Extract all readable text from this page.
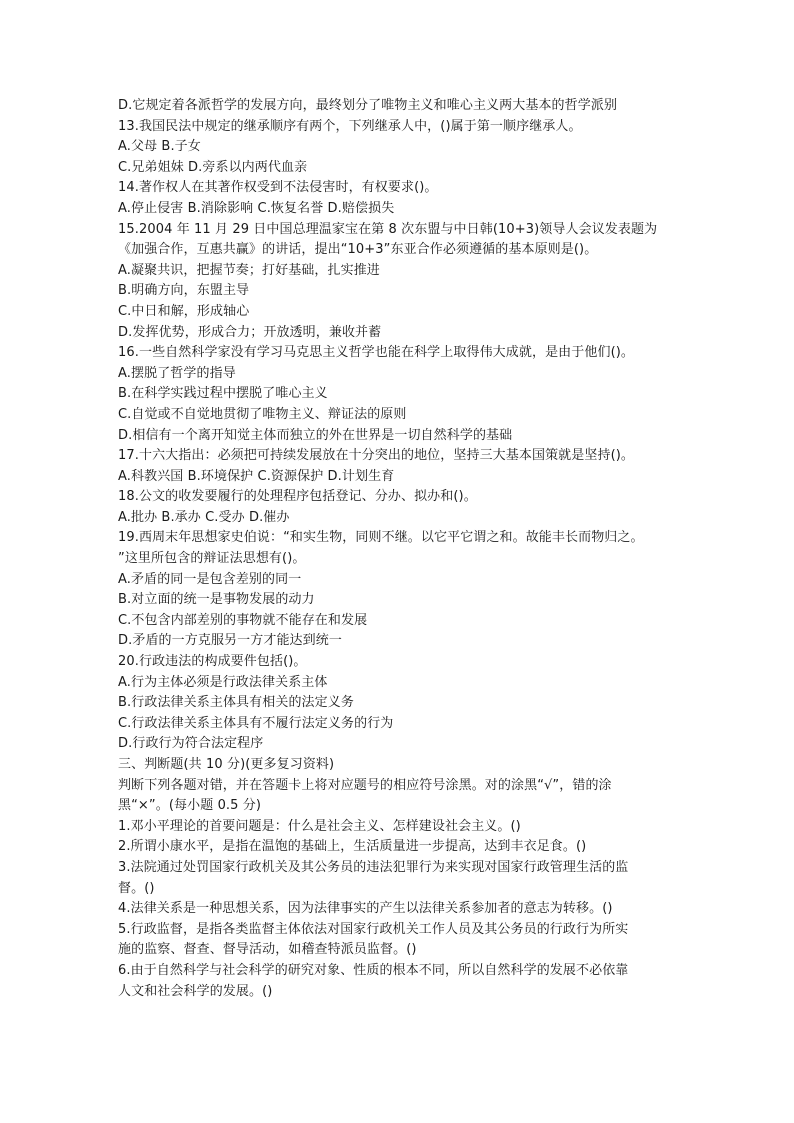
D.它规定着各派哲学的发展方向，最终划分了唯物主义和唯心主义两大基本的哲学派别
13.我国民法中规定的继承顺序有两个，下列继承人中，()属于第一顺序继承人。
A.父母 B.子女
C.兄弟姐妹 D.旁系以内两代血亲
14.著作权人在其著作权受到不法侵害时，有权要求()。
A.停止侵害 B.消除影响 C.恢复名誉 D.赔偿损失
15.2004 年 11 月 29 日中国总理温家宝在第 8 次东盟与中日韩(10+3)领导人会议发表题为
《加强合作，互惠共赢》的讲话，提出“10+3”东亚合作必须遵循的基本原则是()。
A.凝聚共识，把握节奏；打好基础，扎实推进
B.明确方向，东盟主导
C.中日和解，形成轴心
D.发挥优势，形成合力；开放透明，兼收并蓄
16.一些自然科学家没有学习马克思主义哲学也能在科学上取得伟大成就，是由于他们()。
A.摆脱了哲学的指导
B.在科学实践过程中摆脱了唯心主义
C.自觉或不自觉地贯彻了唯物主义、辩证法的原则
D.相信有一个离开知觉主体而独立的外在世界是一切自然科学的基础
17.十六大指出：必须把可持续发展放在十分突出的地位，坚持三大基本国策就是坚持()。
A.科教兴国 B.环境保护 C.资源保护 D.计划生育
18.公文的收发要履行的处理程序包括登记、分办、拟办和()。
A.批办 B.承办 C.受办 D.催办
19.西周末年思想家史伯说：“和实生物，同则不继。以它平它谓之和。故能丰长而物归之。
”这里所包含的辩证法思想有()。
A.矛盾的同一是包含差别的同一
B.对立面的统一是事物发展的动力
C.不包含内部差别的事物就不能存在和发展
D.矛盾的一方克服另一方才能达到统一
20.行政违法的构成要件包括()。
A.行为主体必须是行政法律关系主体
B.行政法律关系主体具有相关的法定义务
C.行政法律关系主体具有不履行法定义务的行为
D.行政行为符合法定程序
三、判断题(共 10 分)(更多复习资料)
判断下列各题对错，并在答题卡上将对应题号的相应符号涂黑。对的涂黑“√”，错的涂
黑“×”。(每小题 0.5 分)
1.邓小平理论的首要问题是：什么是社会主义、怎样建设社会主义。()
2.所谓小康水平，是指在温饱的基础上，生活质量进一步提高，达到丰衣足食。()
3.法院通过处罚国家行政机关及其公务员的违法犯罪行为来实现对国家行政管理生活的监
督。()
4.法律关系是一种思想关系，因为法律事实的产生以法律关系参加者的意志为转移。()
5.行政监督，是指各类监督主体依法对国家行政机关工作人员及其公务员的行政行为所实
施的监察、督查、督导活动，如稽查特派员监督。()
6.由于自然科学与社会科学的研究对象、性质的根本不同，所以自然科学的发展不必依靠
人文和社会科学的发展。()
